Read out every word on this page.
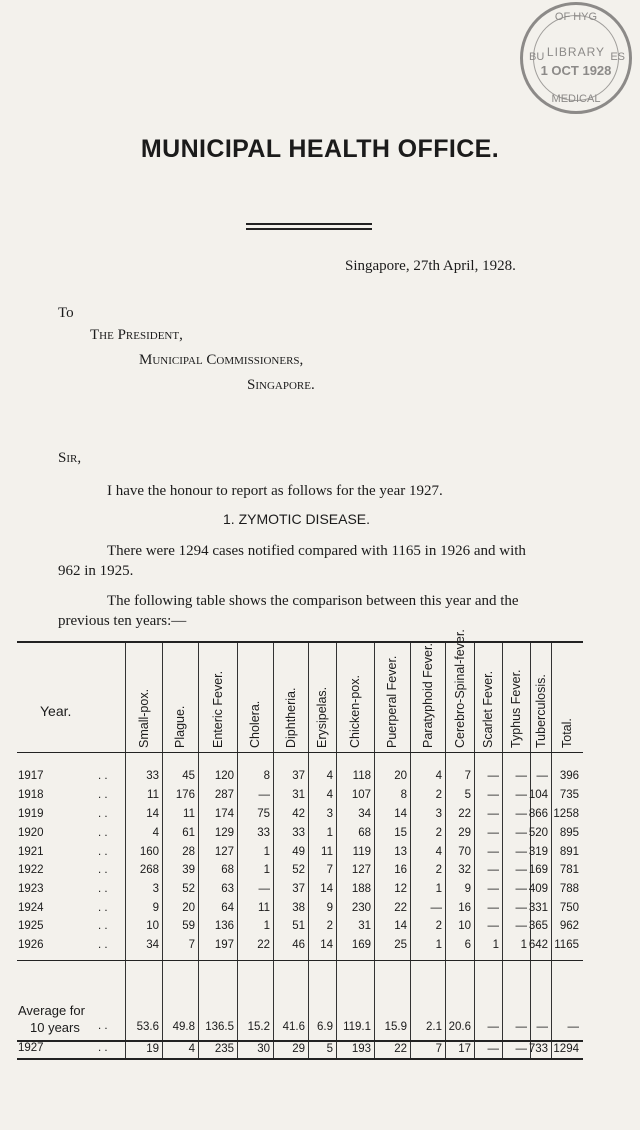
OF HYG
LIBRARY
1 OCT 1928
MEDICAL
BU	ES
MUNICIPAL HEALTH OFFICE.
Singapore, 27th April, 1928.
To
The President,
Municipal Commissioners,
Singapore.
Sir,
I have the honour to report as follows for the year 1927.
1. ZYMOTIC DISEASE.
There were 1294 cases notified compared with 1165 in 1926 and with 962 in 1925.
The following table shows the comparison between this year and the previous ten years:—
Small-pox. Plague. Enteric Fever. Cholera. Diphtheria. Erysipelas. Chicken-pox. Puerperal Fever. Paratyphoid Fever. Cerebro-Spinal-fever. Scarlet Fever. Typhus Fever. Tuberculosis. Total.
Year.
1917	. .	33 45 120	8 37 4 118 20 4 7 — — — 396
1918	. .	11 176 287 — 31 4 107	8 2 5 — — 104 735
1919	. .	14 11 174 75 42 3 34 14 3 22 — — 866 1258
1920	. .	4 61 129 33 33 1 68 15 2 29 — — 520 895
1921	. .	160 28 127	1 49 11 119 13 4 70 — — 319 891
1922	. .	268 39 68	1 52 7 127 16 2 32 — — 169 781
1923	. .	3 52 63 — 37 14 188 12 1 9 — — 409 788
1924	. .	9 20 64 11 38 9 230 22 — 16 — — 331 750
1925	. .	10 59 136	1 51 2 31 14 2 10 — — 365 962
1926	. .	34	7 197 22 46 14 169 25 1 6 1 1 642 1165
Average for
10 years . .	53.6 49.8 136.5 15.2 41.6 6.9 119.1 15.9 2.1 20.6 — — — —
1927	. .	19	4 235 30 29 5 193 22 7 17 — — 733 1294
